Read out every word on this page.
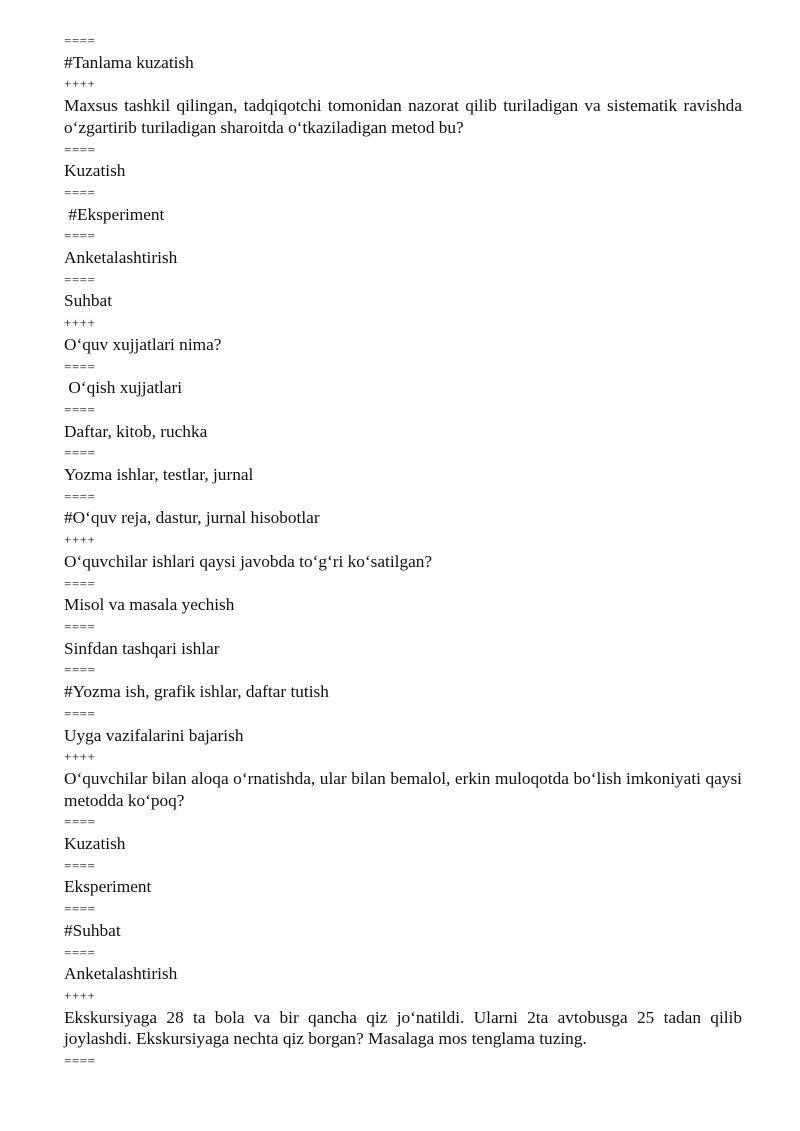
====

#Tanlama kuzatish

++++

Maxsus tashkil qilingan, tadqiqotchi tomonidan nazorat qilib turiladigan va sistematik ravishda o‘zgartirib turiladigan sharoitda o‘tkaziladigan metod bu?

====

Kuzatish

====

#Eksperiment

====

Anketalashtirish

====

Suhbat

++++

O‘quv xujjatlari nima?

====

O‘qish xujjatlari

====

Daftar, kitob, ruchka

====

Yozma ishlar, testlar, jurnal

====

#O‘quv reja, dastur, jurnal hisobotlar

++++

O‘quvchilar ishlari qaysi javobda to‘g‘ri ko‘satilgan?

====

Misol va masala yechish

====

Sinfdan tashqari ishlar

====

#Yozma ish, grafik ishlar, daftar tutish

====

Uyga vazifalarini bajarish

++++

O‘quvchilar bilan aloqa o‘rnatishda, ular bilan bemalol, erkin muloqotda bo‘lish imkoniyati qaysi metodda ko‘poq?

====

Kuzatish

====

Eksperiment

====

#Suhbat

====

Anketalashtirish

++++

Ekskursiyaga 28 ta bola va bir qancha qiz jo‘natildi. Ularni 2ta avtobusga 25 tadan qilib joylashdi. Ekskursiyaga nechta qiz borgan? Masalaga mos tenglama tuzing.

====
